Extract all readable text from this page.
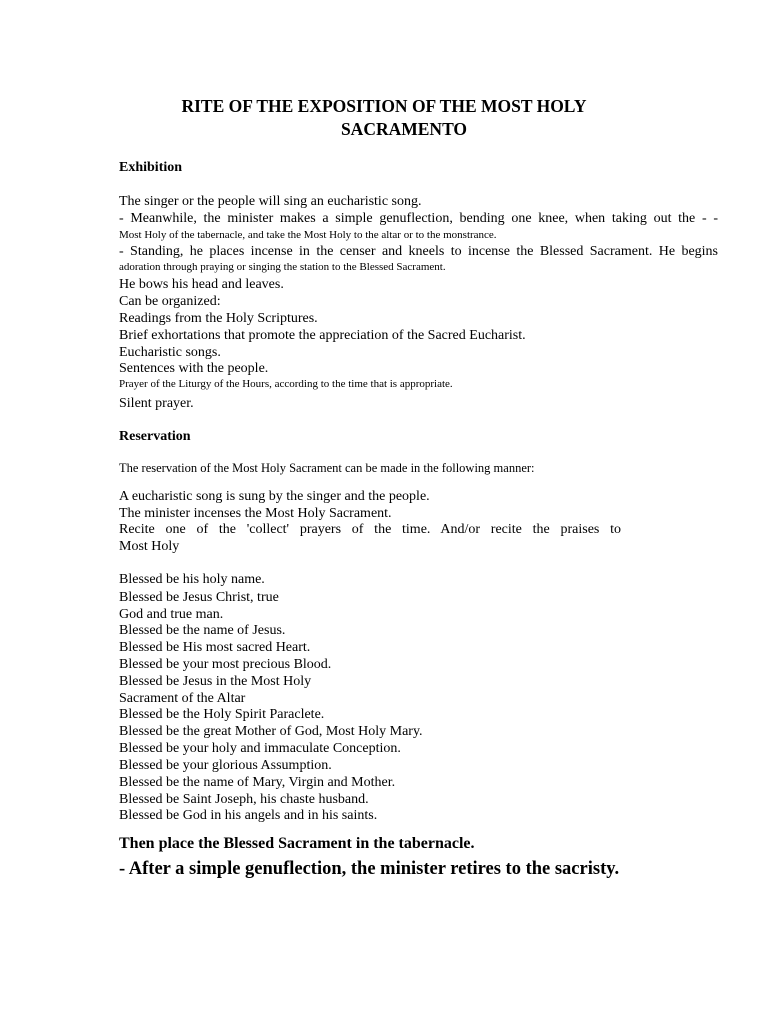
RITE OF THE EXPOSITION OF THE MOST HOLY
SACRAMENTO
Exhibition
The singer or the people will sing an eucharistic song.
- Meanwhile, the minister makes a simple genuflection, bending one knee, when taking out the - -
Most Holy of the tabernacle, and take the Most Holy to the altar or to the monstrance.
- Standing, he places incense in the censer and kneels to incense the Blessed Sacrament. He begins
adoration through praying or singing the station to the Blessed Sacrament.
He bows his head and leaves.
Can be organized:
Readings from the Holy Scriptures.
Brief exhortations that promote the appreciation of the Sacred Eucharist.
Eucharistic songs.
Sentences with the people.
Prayer of the Liturgy of the Hours, according to the time that is appropriate.
Silent prayer.
Reservation
The reservation of the Most Holy Sacrament can be made in the following manner:
A eucharistic song is sung by the singer and the people.
The minister incenses the Most Holy Sacrament.
Recite one of the 'collect' prayers of the time. And/or recite the praises to
Most Holy
Blessed be his holy name.
Blessed be Jesus Christ, true
God and true man.
Blessed be the name of Jesus.
Blessed be His most sacred Heart.
Blessed be your most precious Blood.
Blessed be Jesus in the Most Holy
Sacrament of the Altar
Blessed be the Holy Spirit Paraclete.
Blessed be the great Mother of God, Most Holy Mary.
Blessed be your holy and immaculate Conception.
Blessed be your glorious Assumption.
Blessed be the name of Mary, Virgin and Mother.
Blessed be Saint Joseph, his chaste husband.
Blessed be God in his angels and in his saints.
Then place the Blessed Sacrament in the tabernacle.
- After a simple genuflection, the minister retires to the sacristy.
